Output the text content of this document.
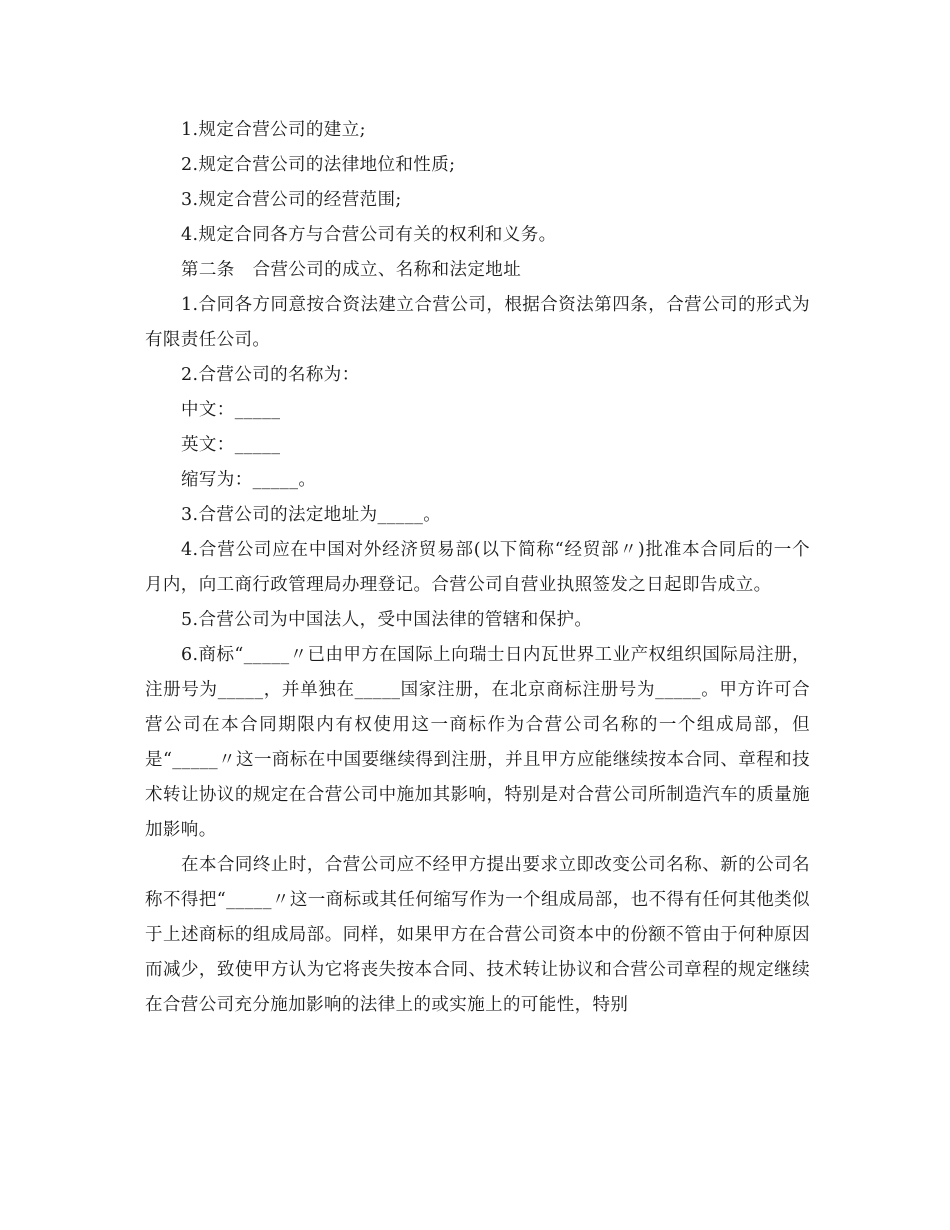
1.规定合营公司的建立;

2.规定合营公司的法律地位和性质;

3.规定合营公司的经营范围;

4.规定合同各方与合营公司有关的权利和义务。

第二条　合营公司的成立、名称和法定地址

1.合同各方同意按合资法建立合营公司，根据合资法第四条，合营公司的形式为有限责任公司。

2.合营公司的名称为：

中文：_____

英文：_____

缩写为：_____。

3.合营公司的法定地址为_____。

4.合营公司应在中国对外经济贸易部(以下简称“经贸部〃)批准本合同后的一个月内，向工商行政管理局办理登记。合营公司自营业执照签发之日起即告成立。

5.合营公司为中国法人，受中国法律的管辖和保护。

6.商标“_____〃已由甲方在国际上向瑞士日内瓦世界工业产权组织国际局注册，注册号为_____，并单独在_____国家注册，在北京商标注册号为_____。甲方许可合营公司在本合同期限内有权使用这一商标作为合营公司名称的一个组成局部，但是“_____〃这一商标在中国要继续得到注册，并且甲方应能继续按本合同、章程和技术转让协议的规定在合营公司中施加其影响，特别是对合营公司所制造汽车的质量施加影响。

在本合同终止时，合营公司应不经甲方提出要求立即改变公司名称、新的公司名称不得把“_____〃这一商标或其任何缩写作为一个组成局部，也不得有任何其他类似于上述商标的组成局部。同样，如果甲方在合营公司资本中的份额不管由于何种原因而减少，致使甲方认为它将丧失按本合同、技术转让协议和合营公司章程的规定继续在合营公司充分施加影响的法律上的或实施上的可能性，特别
